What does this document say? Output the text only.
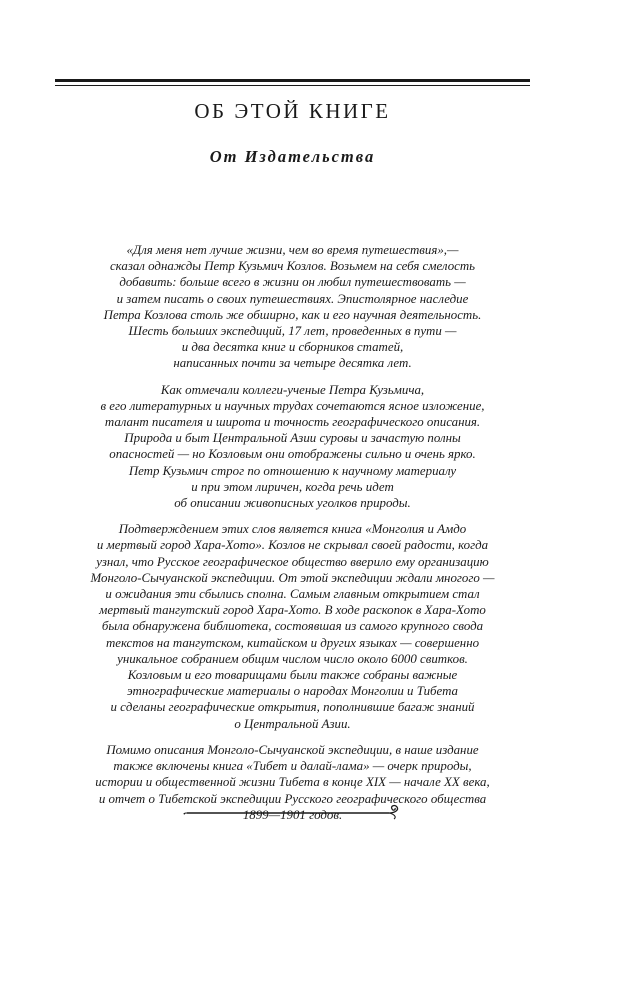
ОБ ЭТОЙ КНИГЕ
От Издательства

«Для меня нет лучше жизни, чем во время путешествия»,—
сказал однажды Петр Кузьмич Козлов. Возьмем на себя смелость
добавить: больше всего в жизни он любил путешествовать —
и затем писать о своих путешествиях. Эпистолярное наследие
Петра Козлова столь же обширно, как и его научная деятельность.
Шесть больших экспедиций, 17 лет, проведенных в пути —
и два десятка книг и сборников статей,
написанных почти за четыре десятка лет.

Как отмечали коллеги-ученые Петра Кузьмича,
в его литературных и научных трудах сочетаются ясное изложение,
талант писателя и широта и точность географического описания.
Природа и быт Центральной Азии суровы и зачастую полны
опасностей — но Козловым они отображены сильно и очень ярко.
Петр Кузьмич строг по отношению к научному материалу
и при этом лиричен, когда речь идет
об описании живописных уголков природы.

Подтверждением этих слов является книга «Монголия и Амдо
и мертвый город Хара-Хото». Козлов не скрывал своей радости, когда
узнал, что Русское географическое общество вверило ему организацию
Монголо-Сычуанской экспедиции. От этой экспедиции ждали многого —
и ожидания эти сбылись сполна. Самым главным открытием стал
мертвый тангутский город Хара-Хото. В ходе раскопок в Хара-Хото
была обнаружена библиотека, состоявшая из самого крупного свода
текстов на тангутском, китайском и других языках — совершенно
уникальное собранием общим числом число около 6000 свитков.
Козловым и его товарищами были также собраны важные
этнографические материалы о народах Монголии и Тибета
и сделаны географические открытия, пополнившие багаж знаний
о Центральной Азии.

Помимо описания Монголо-Сычуанской экспедиции, в наше издание
также включены книга «Тибет и далай-лама» — очерк природы,
истории и общественной жизни Тибета в конце XIX — начале XX века,
и отчет о Тибетской экспедиции Русского географического общества
1899—1901 годов.
